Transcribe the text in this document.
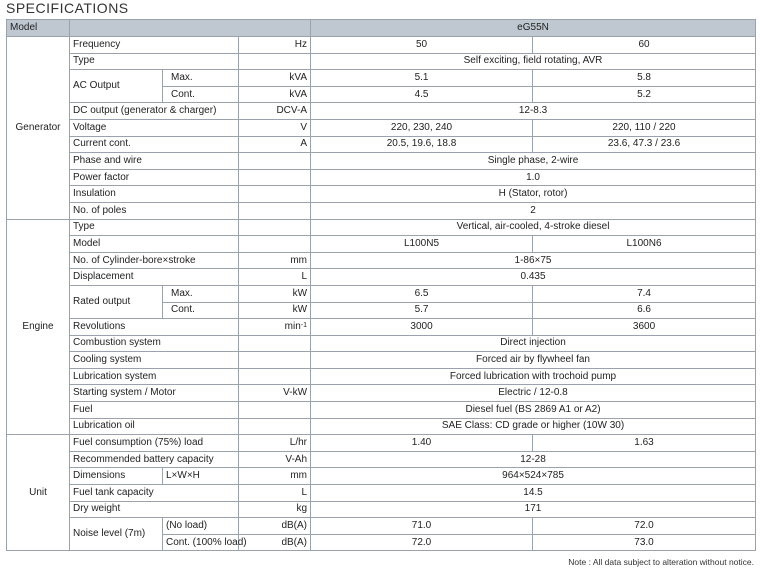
SPECIFICATIONS
Model				eG55N	
Generator	Frequency		Hz	50	60
	Type			Self exciting, field rotating, AVR	
	AC Output	Max.	kVA	5.1	5.8
		Cont.	kVA	4.5	5.2
	DC output (generator & charger)		DCV-A	12-8.3	
	Voltage		V	220, 230, 240	220, 110 / 220
	Current cont.		A	20.5, 19.6, 18.8	23.6, 47.3 / 23.6
	Phase and wire			Single phase, 2-wire	
	Power factor			1.0	
	Insulation			H (Stator, rotor)	
	No. of poles			2	
Engine	Type			Vertical, air-cooled, 4-stroke diesel	
	Model			L100N5	L100N6
	No. of Cylinder-bore×stroke		mm	1-86×75	
	Displacement		L	0.435	
	Rated output	Max.	kW	6.5	7.4
		Cont.	kW	5.7	6.6
	Revolutions		$\min^{-1}$	3000	3600
	Combustion system			Direct injection	
	Cooling system			Forced air by flywheel fan	
	Lubrication system			Forced lubrication with trochoid pump	
	Starting system / Motor		V-kW	Electric / 12-0.8	
	Fuel			Diesel fuel (BS 2869 A1 or A2)	
	Lubrication oil			SAE Class: CD grade or higher (10W 30)	
Unit	Fuel consumption (75%) load		L/hr	1.40	1.63
	Recommended battery capacity		V-Ah	12-28	
	Dimensions	L×W×H	mm	964×524×785	
	Fuel tank capacity		L	14.5	
	Dry weight		kg	171	
	Noise level (7m)	(No load)	dB(A)	71.0	72.0
		Cont. (100% load)	dB(A)	72.0	73.0
Note : All data subject to alteration without notice.
